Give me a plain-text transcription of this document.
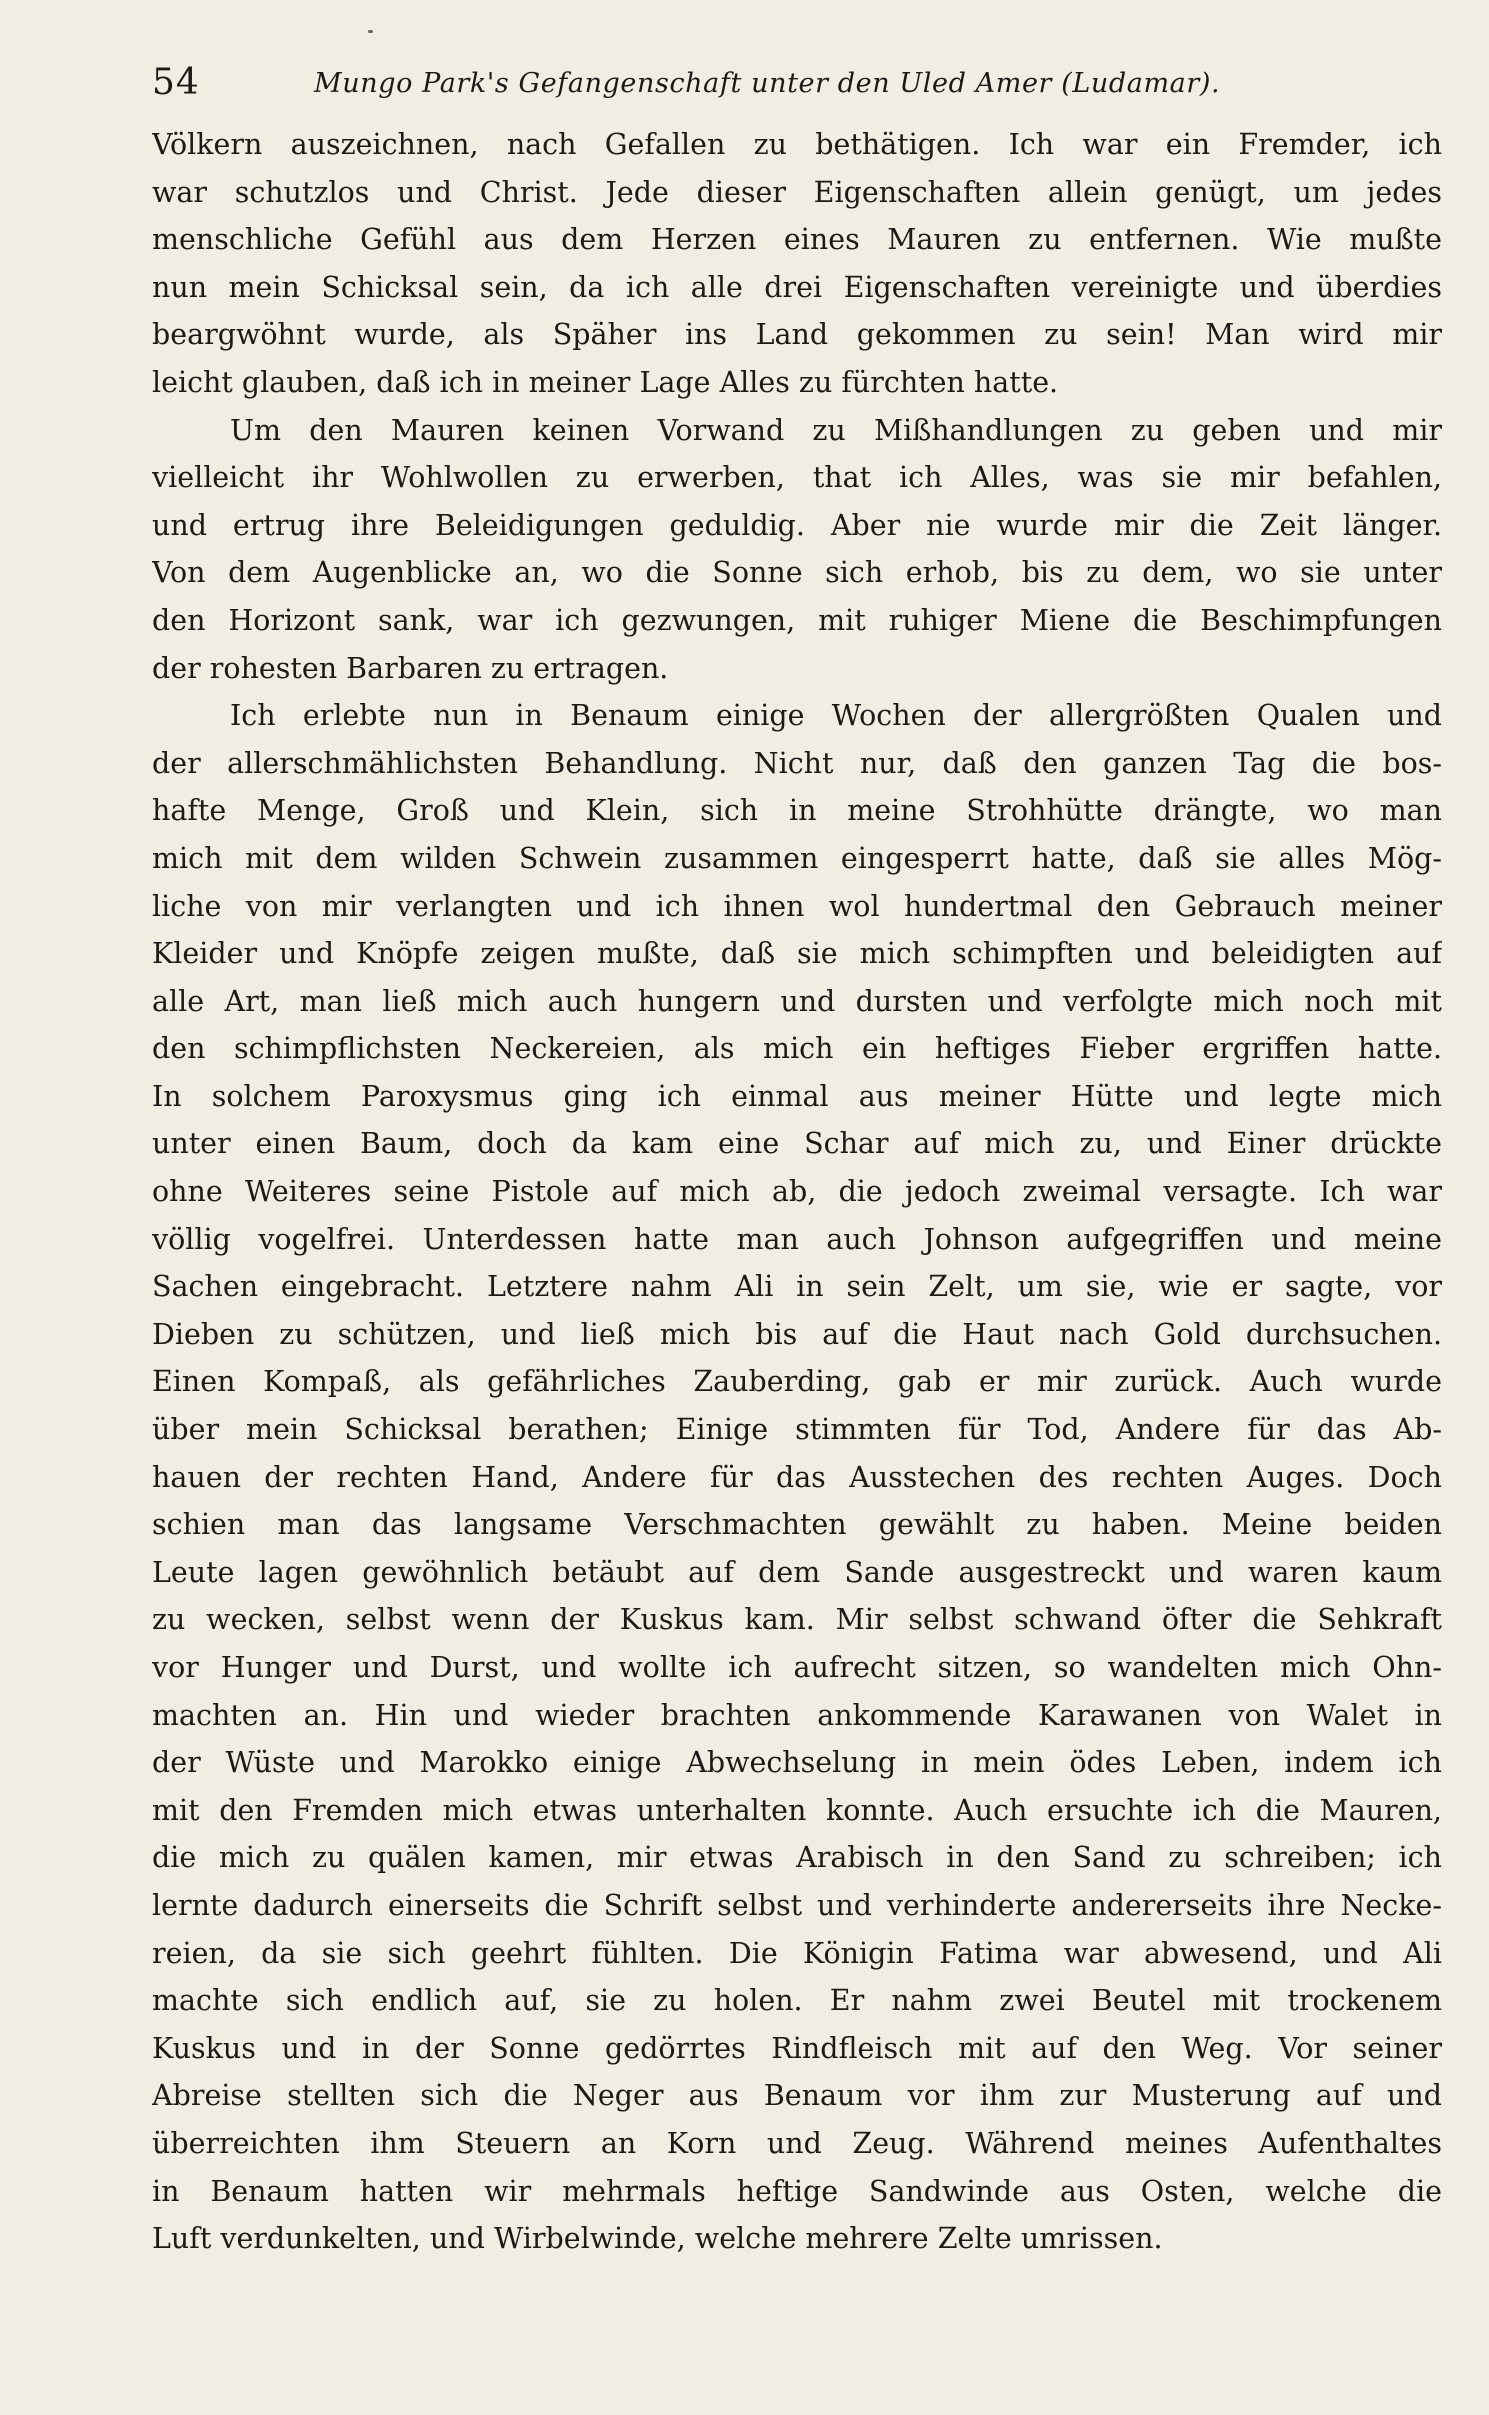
54	Mungo Park's Gefangenschaft unter den Uled Amer (Ludamar).
Völkern auszeichnen, nach Gefallen zu bethätigen. Ich war ein Fremder, ich
war schutzlos und Christ. Jede dieser Eigenschaften allein genügt, um jedes
menschliche Gefühl aus dem Herzen eines Mauren zu entfernen. Wie mußte
nun mein Schicksal sein, da ich alle drei Eigenschaften vereinigte und überdies
beargwöhnt wurde, als Späher ins Land gekommen zu sein! Man wird mir
leicht glauben, daß ich in meiner Lage Alles zu fürchten hatte.
Um den Mauren keinen Vorwand zu Mißhandlungen zu geben und mir
vielleicht ihr Wohlwollen zu erwerben, that ich Alles, was sie mir befahlen,
und ertrug ihre Beleidigungen geduldig. Aber nie wurde mir die Zeit länger.
Von dem Augenblicke an, wo die Sonne sich erhob, bis zu dem, wo sie unter
den Horizont sank, war ich gezwungen, mit ruhiger Miene die Beschimpfungen
der rohesten Barbaren zu ertragen.
Ich erlebte nun in Benaum einige Wochen der allergrößten Qualen und
der allerschmählichsten Behandlung. Nicht nur, daß den ganzen Tag die bos-
hafte Menge, Groß und Klein, sich in meine Strohhütte drängte, wo man
mich mit dem wilden Schwein zusammen eingesperrt hatte, daß sie alles Mög-
liche von mir verlangten und ich ihnen wol hundertmal den Gebrauch meiner
Kleider und Knöpfe zeigen mußte, daß sie mich schimpften und beleidigten auf
alle Art, man ließ mich auch hungern und dursten und verfolgte mich noch mit
den schimpflichsten Neckereien, als mich ein heftiges Fieber ergriffen hatte.
In solchem Paroxysmus ging ich einmal aus meiner Hütte und legte mich
unter einen Baum, doch da kam eine Schar auf mich zu, und Einer drückte
ohne Weiteres seine Pistole auf mich ab, die jedoch zweimal versagte. Ich war
völlig vogelfrei. Unterdessen hatte man auch Johnson aufgegriffen und meine
Sachen eingebracht. Letztere nahm Ali in sein Zelt, um sie, wie er sagte, vor
Dieben zu schützen, und ließ mich bis auf die Haut nach Gold durchsuchen.
Einen Kompaß, als gefährliches Zauberding, gab er mir zurück. Auch wurde
über mein Schicksal berathen; Einige stimmten für Tod, Andere für das Ab-
hauen der rechten Hand, Andere für das Ausstechen des rechten Auges. Doch
schien man das langsame Verschmachten gewählt zu haben. Meine beiden
Leute lagen gewöhnlich betäubt auf dem Sande ausgestreckt und waren kaum
zu wecken, selbst wenn der Kuskus kam. Mir selbst schwand öfter die Sehkraft
vor Hunger und Durst, und wollte ich aufrecht sitzen, so wandelten mich Ohn-
machten an. Hin und wieder brachten ankommende Karawanen von Walet in
der Wüste und Marokko einige Abwechselung in mein ödes Leben, indem ich
mit den Fremden mich etwas unterhalten konnte. Auch ersuchte ich die Mauren,
die mich zu quälen kamen, mir etwas Arabisch in den Sand zu schreiben; ich
lernte dadurch einerseits die Schrift selbst und verhinderte andererseits ihre Necke-
reien, da sie sich geehrt fühlten. Die Königin Fatima war abwesend, und Ali
machte sich endlich auf, sie zu holen. Er nahm zwei Beutel mit trockenem
Kuskus und in der Sonne gedörrtes Rindfleisch mit auf den Weg. Vor seiner
Abreise stellten sich die Neger aus Benaum vor ihm zur Musterung auf und
überreichten ihm Steuern an Korn und Zeug. Während meines Aufenthaltes
in Benaum hatten wir mehrmals heftige Sandwinde aus Osten, welche die
Luft verdunkelten, und Wirbelwinde, welche mehrere Zelte umrissen.
